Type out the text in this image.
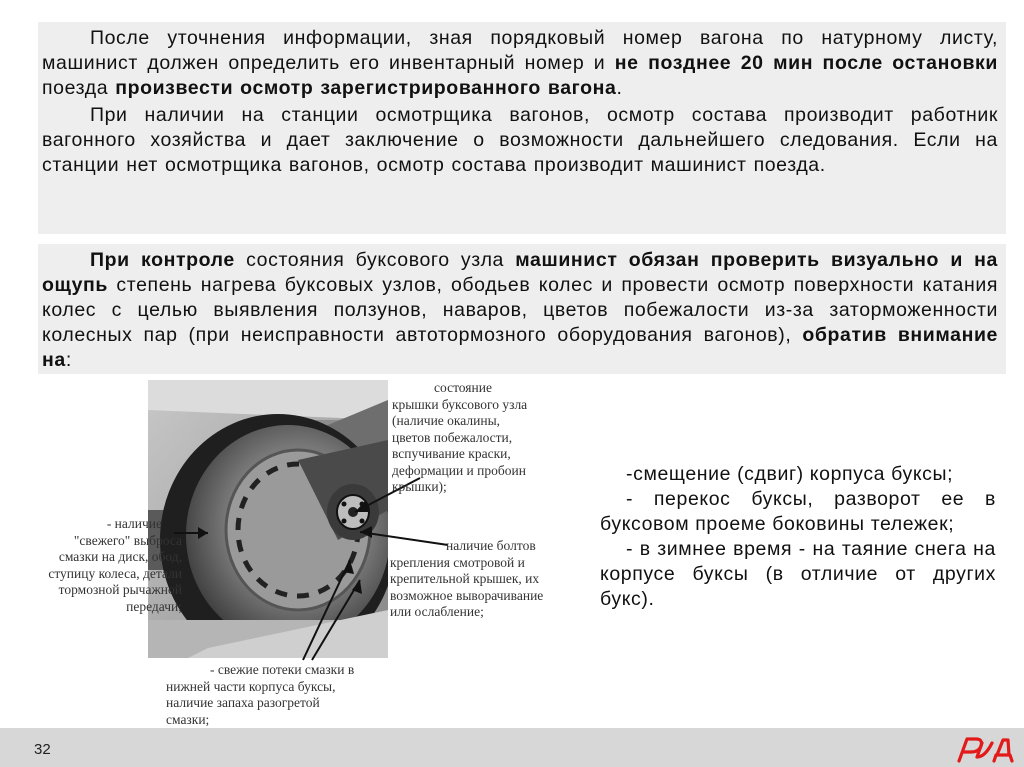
После уточнения информации, зная порядковый номер вагона по натурному листу, машинист должен определить его инвентарный номер и не позднее 20 мин после остановки поезда произвести осмотр зарегистрированного вагона.

При наличии на станции осмотрщика вагонов, осмотр состава производит работник вагонного хозяйства и дает заключение о возможности дальнейшего следования. Если на станции нет осмотрщика вагонов, осмотр состава производит машинист поезда.

При контроле состояния буксового узла машинист обязан проверить визуально и на ощупь степень нагрева буксовых узлов, ободьев колес и провести осмотр поверхности катания колес с целью выявления ползунов, наваров, цветов побежалости из-за заторможенности колесных пар (при неисправности автотормозного оборудования вагонов), обратив внимание на:

состояние
крышки буксового узла
(наличие окалины,
цветов побежалости,
вспучивание краски,
деформации и пробоин
крышки);
наличие болтов
крепления смотровой и
крепительной крышек, их
возможное выворачивание
или ослабление;
- наличие
"свежего" выброса
смазки на диск, обод,
ступицу колеса, детали
тормозной рычажной
передачи;
- свежие потеки смазки в
нижней части корпуса буксы,
наличие запаха разогретой
смазки;

-смещение (сдвиг) корпуса буксы;

- перекос буксы, разворот ее в буксовом проеме боковины тележек;

- в зимнее время - на таяние снега на корпусе буксы (в отличие от других букс).

32
